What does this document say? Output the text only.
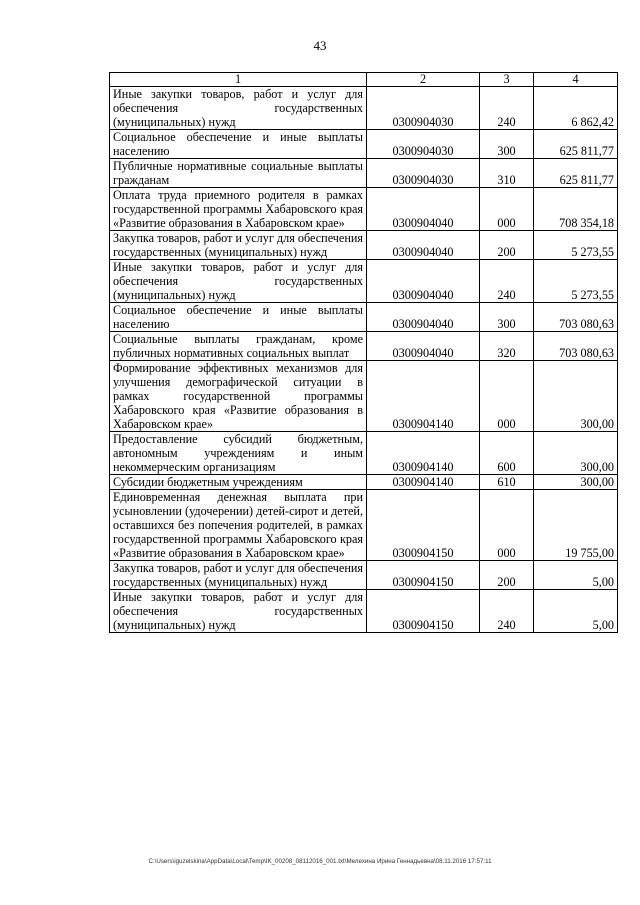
43
1	2	3	4
Иные закупки товаров, работ и услуг для обеспечения государственных (муниципальных) нужд	0300904030	240	6 862,42
Социальное обеспечение и иные выплаты населению	0300904030	300	625 811,77
Публичные нормативные социальные выплаты гражданам	0300904030	310	625 811,77
Оплата труда приемного родителя в рамках государственной программы Хабаровского края «Развитие образования в Хабаровском крае»	0300904040	000	708 354,18
Закупка товаров, работ и услуг для обеспечения государственных (муниципальных) нужд	0300904040	200	5 273,55
Иные закупки товаров, работ и услуг для обеспечения государственных (муниципальных) нужд	0300904040	240	5 273,55
Социальное обеспечение и иные выплаты населению	0300904040	300	703 080,63
Социальные выплаты гражданам, кроме публичных нормативных социальных выплат	0300904040	320	703 080,63
Формирование эффективных механизмов для улучшения демографической ситуации в рамках государственной программы Хабаровского края «Развитие образования в Хабаровском крае»	0300904140	000	300,00
Предоставление субсидий бюджетным, автономным учреждениям и иным некоммерческим организациям	0300904140	600	300,00
Субсидии бюджетным учреждениям	0300904140	610	300,00
Единовременная денежная выплата при усыновлении (удочерении) детей-сирот и детей, оставшихся без попечения родителей, в рамках государственной программы Хабаровского края «Развитие образования в Хабаровском крае»	0300904150	000	19 755,00
Закупка товаров, работ и услуг для обеспечения государственных (муниципальных) нужд	0300904150	200	5,00
Иные закупки товаров, работ и услуг для обеспечения государственных (муниципальных) нужд	0300904150	240	5,00
C:\Users\iguzelskina\AppData\Local\Temp\IK_00208_08112016_001.txt\Мелехина Ирина Геннадьевна\08.11.2016 17:57:11
